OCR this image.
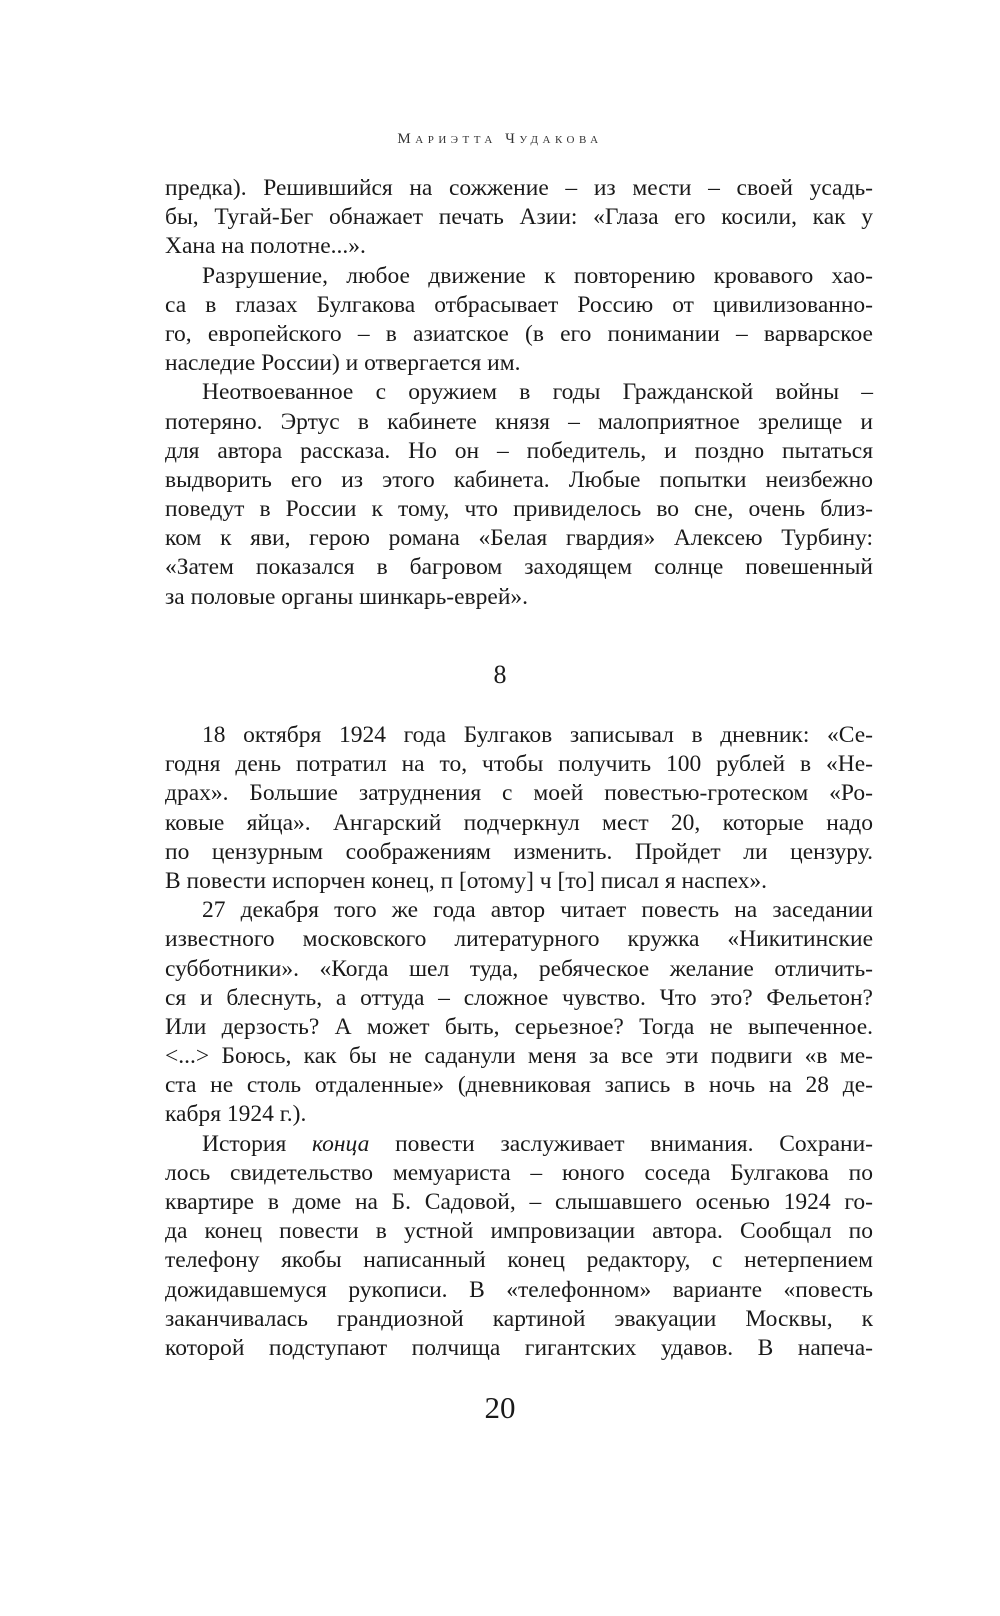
Мариэтта Чудакова
предка). Решившийся на сожжение – из мести – своей усадь-
бы, Тугай-Бег обнажает печать Азии: «Глаза его косили, как у
Хана на полотне...».
Разрушение, любое движение к повторению кровавого хао-
са в глазах Булгакова отбрасывает Россию от цивилизованно-
го, европейского – в азиатское (в его понимании – варварское
наследие России) и отвергается им.
Неотвоеванное с оружием в годы Гражданской войны –
потеряно. Эртус в кабинете князя – малоприятное зрелище и
для автора рассказа. Но он – победитель, и поздно пытаться
выдворить его из этого кабинета. Любые попытки неизбежно
поведут в России к тому, что привиделось во сне, очень близ-
ком к яви, герою романа «Белая гвардия» Алексею Турбину:
«Затем показался в багровом заходящем солнце повешенный
за половые органы шинкарь-еврей».
8
18 октября 1924 года Булгаков записывал в дневник: «Се-
годня день потратил на то, чтобы получить 100 рублей в «Не-
драх». Большие затруднения с моей повестью-гротеском «Ро-
ковые яйца». Ангарский подчеркнул мест 20, которые надо
по цензурным соображениям изменить. Пройдет ли цензуру.
В повести испорчен конец, п [отому] ч [то] писал я наспех».
27 декабря того же года автор читает повесть на заседании
известного московского литературного кружка «Никитинские
субботники». «Когда шел туда, ребяческое желание отличить-
ся и блеснуть, а оттуда – сложное чувство. Что это? Фельетон?
Или дерзость? А может быть, серьезное? Тогда не выпеченное.
<...> Боюсь, как бы не саданули меня за все эти подвиги «в ме-
ста не столь отдаленные» (дневниковая запись в ночь на 28 де-
кабря 1924 г.).
История конца повести заслуживает внимания. Сохрани-
лось свидетельство мемуариста – юного соседа Булгакова по
квартире в доме на Б. Садовой, – слышавшего осенью 1924 го-
да конец повести в устной импровизации автора. Сообщал по
телефону якобы написанный конец редактору, с нетерпением
дожидавшемуся рукописи. В «телефонном» варианте «повесть
заканчивалась грандиозной картиной эвакуации Москвы, к
которой подступают полчища гигантских удавов. В напеча-
20
